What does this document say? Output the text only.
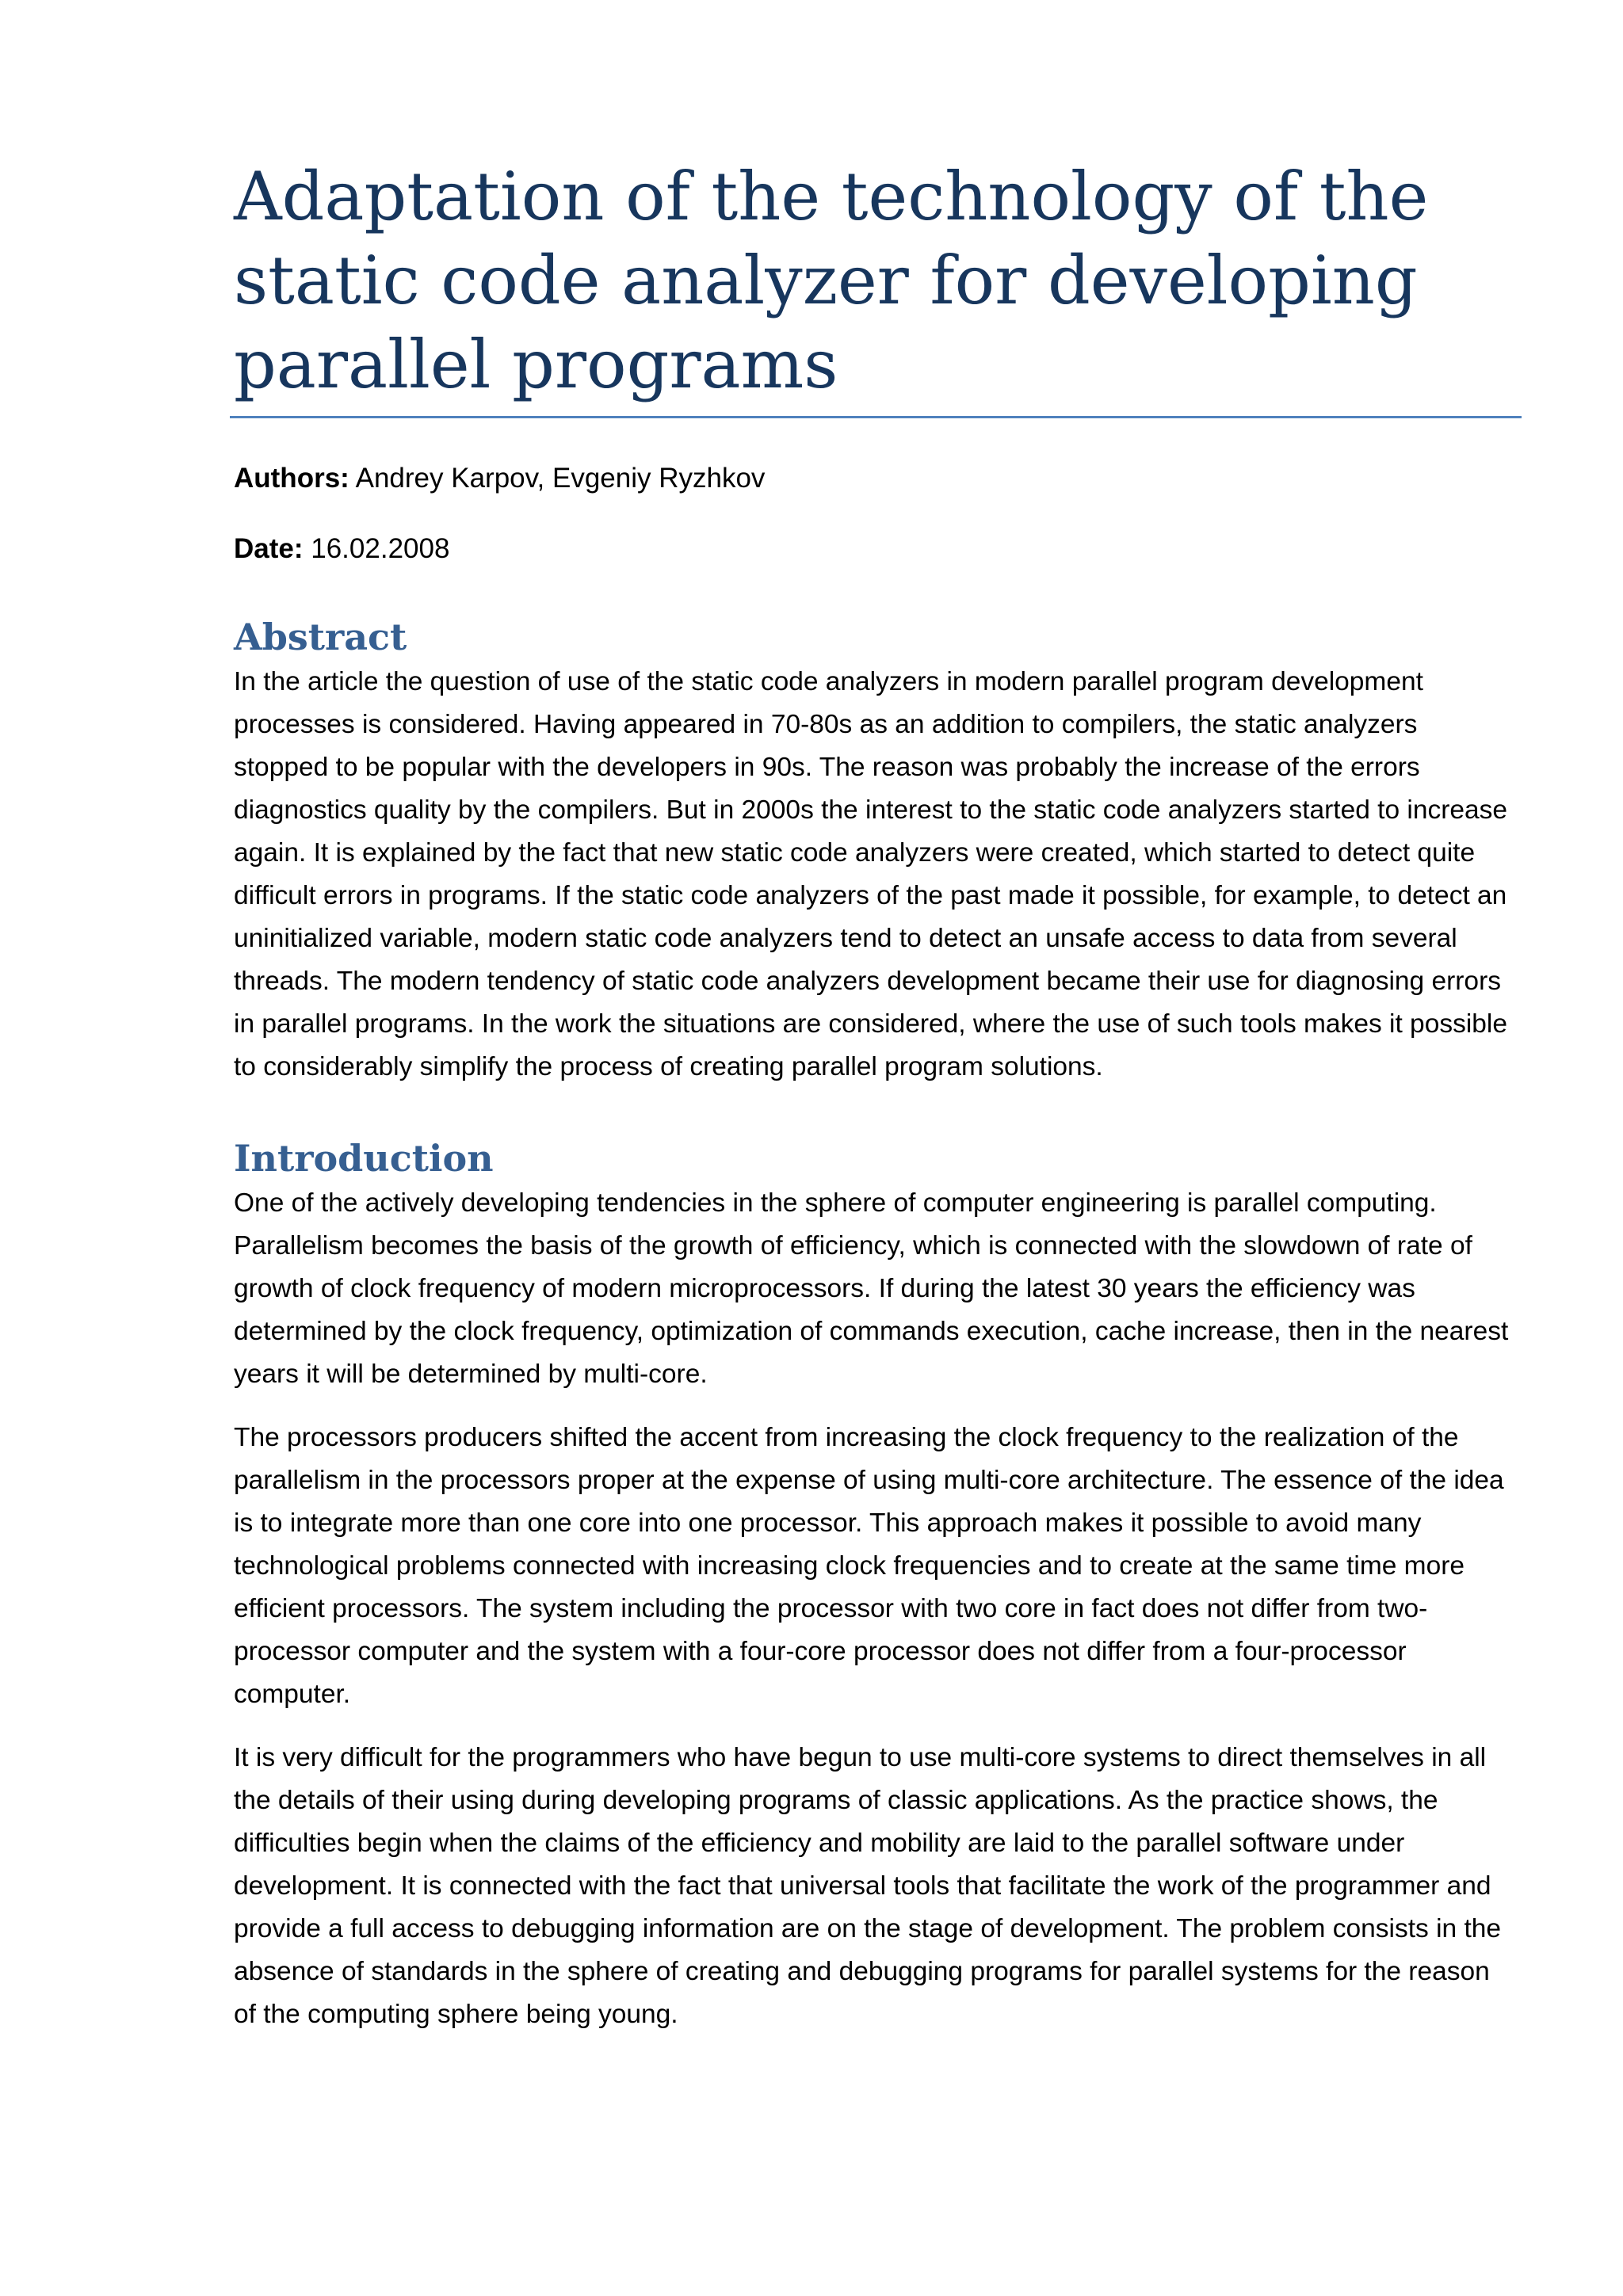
Adaptation of the technology of the static code analyzer for developing parallel programs

Authors: Andrey Karpov, Evgeniy Ryzhkov

Date: 16.02.2008

Abstract

In the article the question of use of the static code analyzers in modern parallel program development processes is considered. Having appeared in 70-80s as an addition to compilers, the static analyzers stopped to be popular with the developers in 90s. The reason was probably the increase of the errors diagnostics quality by the compilers. But in 2000s the interest to the static code analyzers started to increase again. It is explained by the fact that new static code analyzers were created, which started to detect quite difficult errors in programs. If the static code analyzers of the past made it possible, for example, to detect an uninitialized variable, modern static code analyzers tend to detect an unsafe access to data from several threads. The modern tendency of static code analyzers development became their use for diagnosing errors in parallel programs. In the work the situations are considered, where the use of such tools makes it possible to considerably simplify the process of creating parallel program solutions.

Introduction

One of the actively developing tendencies in the sphere of computer engineering is parallel computing. Parallelism becomes the basis of the growth of efficiency, which is connected with the slowdown of rate of growth of clock frequency of modern microprocessors. If during the latest 30 years the efficiency was determined by the clock frequency, optimization of commands execution, cache increase, then in the nearest years it will be determined by multi-core.

The processors producers shifted the accent from increasing the clock frequency to the realization of the parallelism in the processors proper at the expense of using multi-core architecture. The essence of the idea is to integrate more than one core into one processor. This approach makes it possible to avoid many technological problems connected with increasing clock frequencies and to create at the same time more efficient processors. The system including the processor with two core in fact does not differ from two-processor computer and the system with a four-core processor does not differ from a four-processor computer.

It is very difficult for the programmers who have begun to use multi-core systems to direct themselves in all the details of their using during developing programs of classic applications. As the practice shows, the difficulties begin when the claims of the efficiency and mobility are laid to the parallel software under development. It is connected with the fact that universal tools that facilitate the work of the programmer and provide a full access to debugging information are on the stage of development. The problem consists in the absence of standards in the sphere of creating and debugging programs for parallel systems for the reason of the computing sphere being young.
